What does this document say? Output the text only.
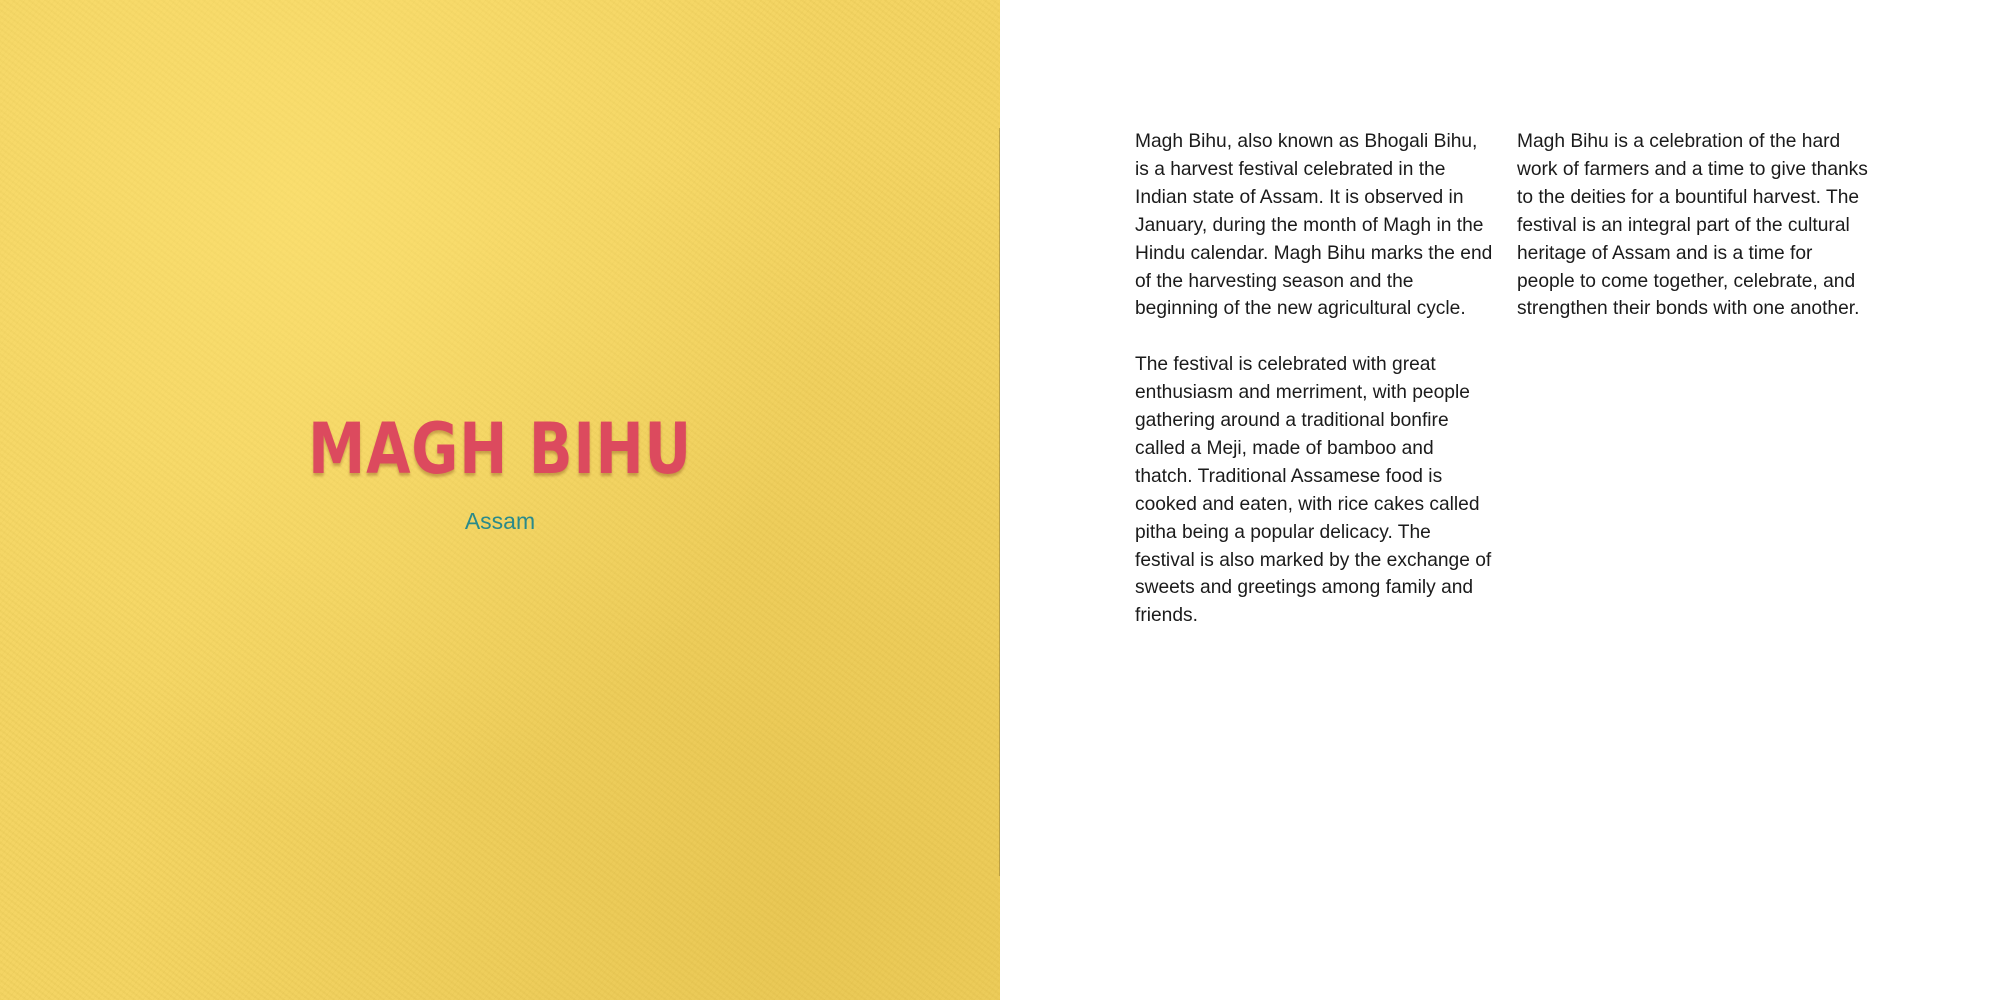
MAGH BIHU
Assam

Magh Bihu, also known as Bhogali Bihu, is a harvest festival celebrated in the Indian state of Assam. It is observed in January, during the month of Magh in the Hindu calendar. Magh Bihu marks the end of the harvesting season and the beginning of the new agricultural cycle.

The festival is celebrated with great enthusiasm and merriment, with people gathering around a traditional bonfire called a Meji, made of bamboo and thatch. Traditional Assamese food is cooked and eaten, with rice cakes called pitha being a popular delicacy. The festival is also marked by the exchange of sweets and greetings among family and friends.

Magh Bihu is a celebration of the hard work of farmers and a time to give thanks to the deities for a bountiful harvest. The festival is an integral part of the cultural heritage of Assam and is a time for people to come together, celebrate, and strengthen their bonds with one another.
